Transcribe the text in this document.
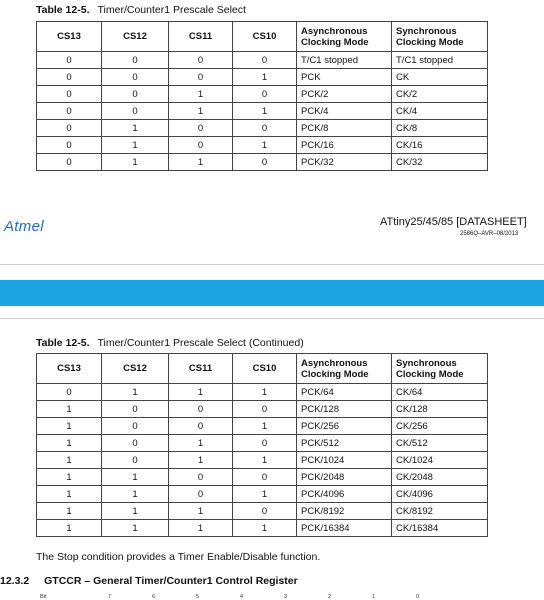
Table 12-5. Timer/Counter1 Prescale Select
CS13	CS12	CS11	CS10	Asynchronous Clocking Mode	Synchronous Clocking Mode
0	0	0	0	T/C1 stopped	T/C1 stopped
0	0	0	1	PCK	CK
0	0	1	0	PCK/2	CK/2
0	0	1	1	PCK/4	CK/4
0	1	0	0	PCK/8	CK/8
0	1	0	1	PCK/16	CK/16
0	1	1	0	PCK/32	CK/32
Atmel	ATtiny25/45/85 [DATASHEET]
2586Q–AVR–08/2013
Table 12-5. Timer/Counter1 Prescale Select (Continued)
CS13	CS12	CS11	CS10	Asynchronous Clocking Mode	Synchronous Clocking Mode
0	1	1	1	PCK/64	CK/64
1	0	0	0	PCK/128	CK/128
1	0	0	1	PCK/256	CK/256
1	0	1	0	PCK/512	CK/512
1	0	1	1	PCK/1024	CK/1024
1	1	0	0	PCK/2048	CK/2048
1	1	0	1	PCK/4096	CK/4096
1	1	1	0	PCK/8192	CK/8192
1	1	1	1	PCK/16384	CK/16384
The Stop condition provides a Timer Enable/Disable function.
12.3.2 GTCCR – General Timer/Counter1 Control Register
Bit	7	6	5	4	3	2	1	0
